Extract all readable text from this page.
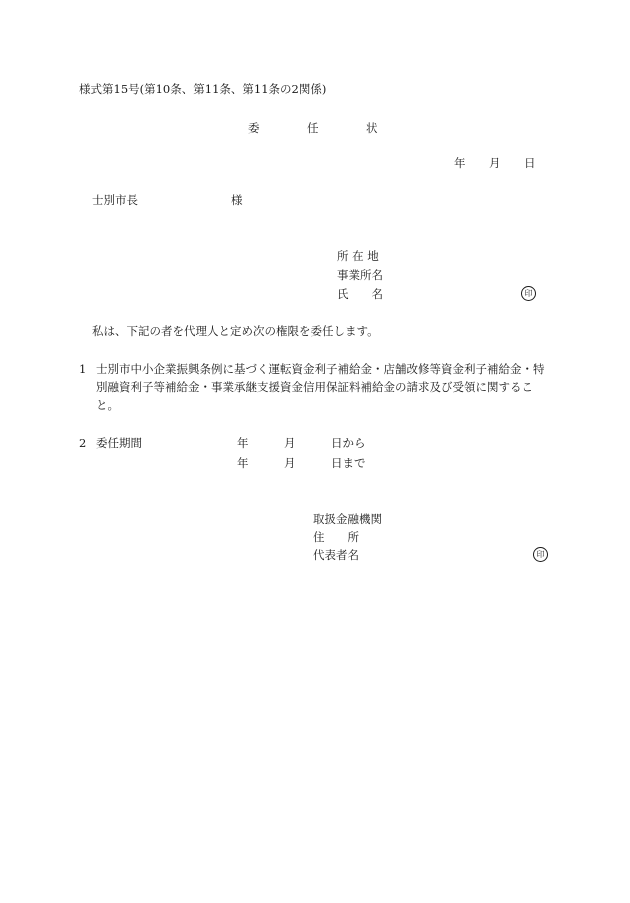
様式第15号(第10条、第11条、第11条の2関係)
委	任	状
年 月 日
士別市長	様
所 在 地
事業所名
氏　　名	印
私は、下記の者を代理人と定め次の権限を委任します。
1 士別市中小企業振興条例に基づく運転資金利子補給金・店舗改修等資金利子補給金・特
別融資利子等補給金・事業承継支援資金信用保証料補給金の請求及び受領に関するこ
と。
2 委任期間	年	月	日から
年	月	日まで
取扱金融機関
住　　所
代表者名	印
